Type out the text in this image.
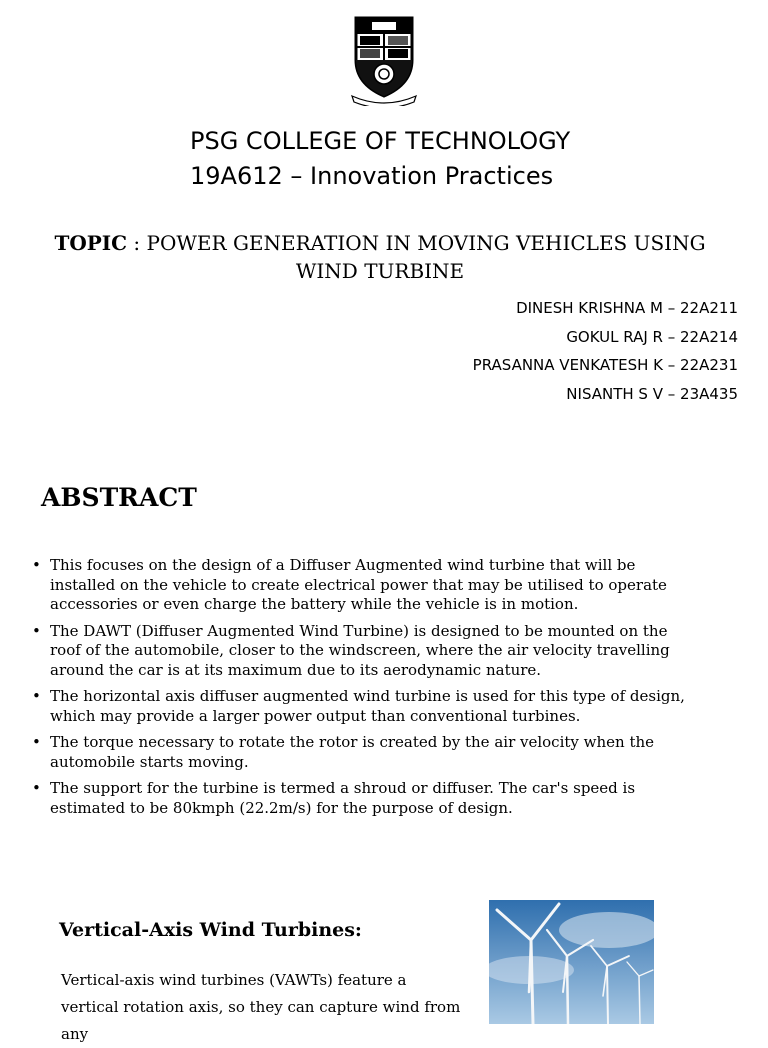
PSG COLLEGE OF TECHNOLOGY
19A612 – Innovation Practices
TOPIC : POWER GENERATION IN MOVING VEHICLES USING WIND TURBINE
DINESH KRISHNA M – 22A211
GOKUL RAJ R – 22A214
PRASANNA VENKATESH K – 22A231
NISANTH S V – 23A435
ABSTRACT
• This focuses on the design of a Diffuser Augmented wind turbine that will be installed on the vehicle to create electrical power that may be utilised to operate accessories or even charge the battery while the vehicle is in motion.
• The DAWT (Diffuser Augmented Wind Turbine) is designed to be mounted on the roof of the automobile, closer to the windscreen, where the air velocity travelling around the car is at its maximum due to its aerodynamic nature.
• The horizontal axis diffuser augmented wind turbine is used for this type of design, which may provide a larger power output than conventional turbines.
• The torque necessary to rotate the rotor is created by the air velocity when the automobile starts moving.
• The support for the turbine is termed a shroud or diffuser. The car's speed is estimated to be 80kmph (22.2m/s) for the purpose of design.
Vertical-Axis Wind Turbines:
Vertical-axis wind turbines (VAWTs) feature a vertical rotation axis, so they can capture wind from any
